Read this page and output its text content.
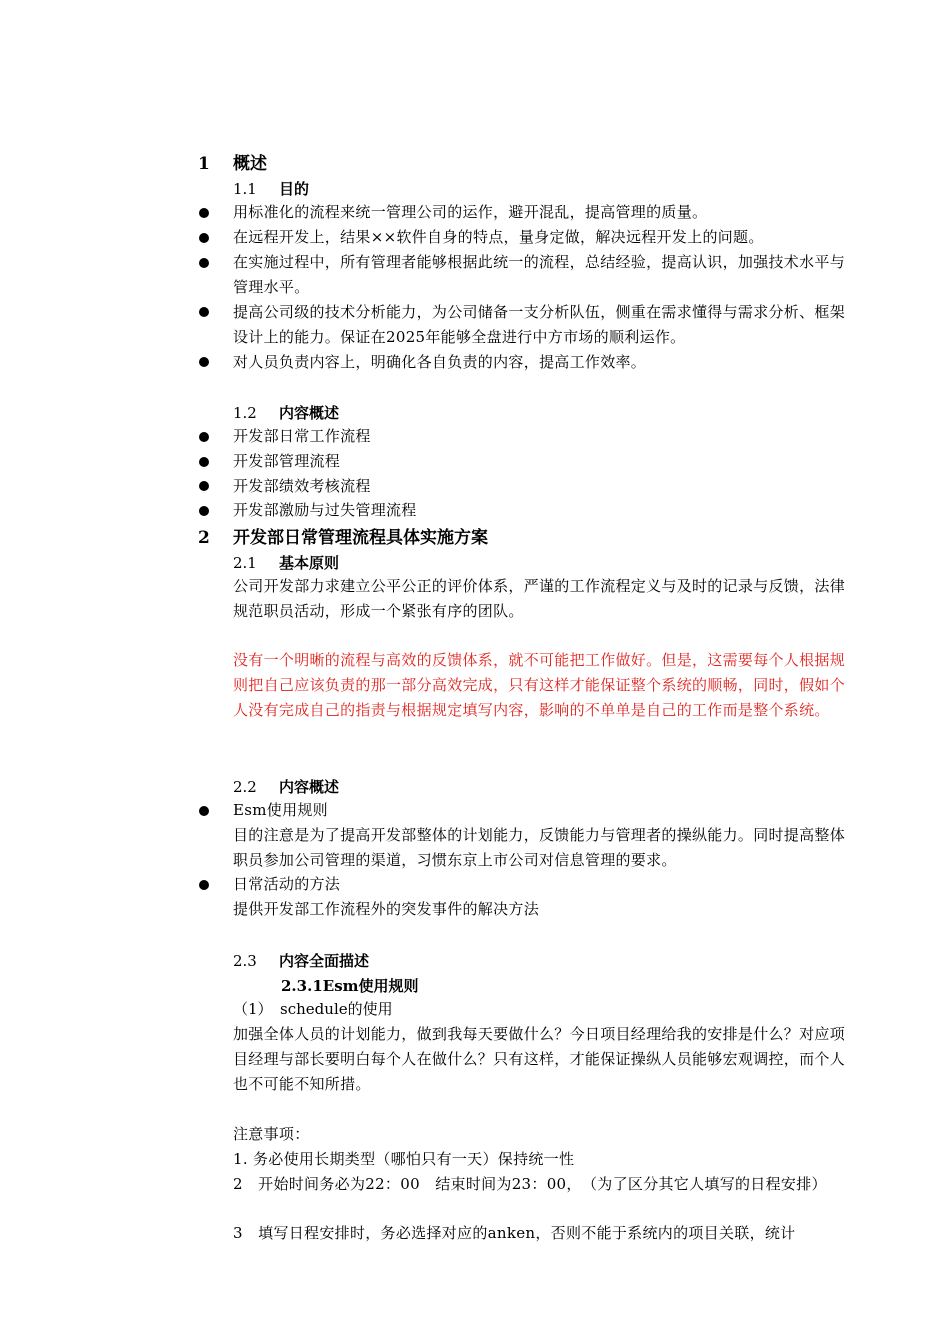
1 概述
1.1 目的
用标准化的流程来统一管理公司的运作，避开混乱，提高管理的质量。
在远程开发上，结果××软件自身的特点，量身定做，解决远程开发上的问题。
在实施过程中，所有管理者能够根据此统一的流程，总结经验，提高认识，加强技术水平与管理水平。
提高公司级的技术分析能力，为公司储备一支分析队伍，侧重在需求懂得与需求分析、框架设计上的能力。保证在2025年能够全盘进行中方市场的顺利运作。
对人员负责内容上，明确化各自负责的内容，提高工作效率。
1.2 内容概述
开发部日常工作流程
开发部管理流程
开发部绩效考核流程
开发部激励与过失管理流程
2 开发部日常管理流程具体实施方案
2.1 基本原则
公司开发部力求建立公平公正的评价体系，严谨的工作流程定义与及时的记录与反馈，法律规范职员活动，形成一个紧张有序的团队。
没有一个明晰的流程与高效的反馈体系，就不可能把工作做好。但是，这需要每个人根据规则把自己应该负责的那一部分高效完成，只有这样才能保证整个系统的顺畅，同时，假如个人没有完成自己的指责与根据规定填写内容，影响的不单单是自己的工作而是整个系统。
2.2 内容概述
Esm使用规则
目的注意是为了提高开发部整体的计划能力，反馈能力与管理者的操纵能力。同时提高整体职员参加公司管理的渠道，习惯东京上市公司对信息管理的要求。
日常活动的方法
提供开发部工作流程外的突发事件的解决方法
2.3 内容全面描述
2.3.1Esm使用规则
（1）　schedule的使用
加强全体人员的计划能力，做到我每天要做什么？今日项目经理给我的安排是什么？对应项目经理与部长要明白每个人在做什么？只有这样，才能保证操纵人员能够宏观调控，而个人也不可能不知所措。
注意事项：
1. 务必使用长期类型（哪怕只有一天）保持统一性
2　开始时间务必为22：00　结束时间为23：00，　（为了区分其它人填写的日程安排）
3　填写日程安排时，务必选择对应的anken，否则不能于系统内的项目关联，统计
